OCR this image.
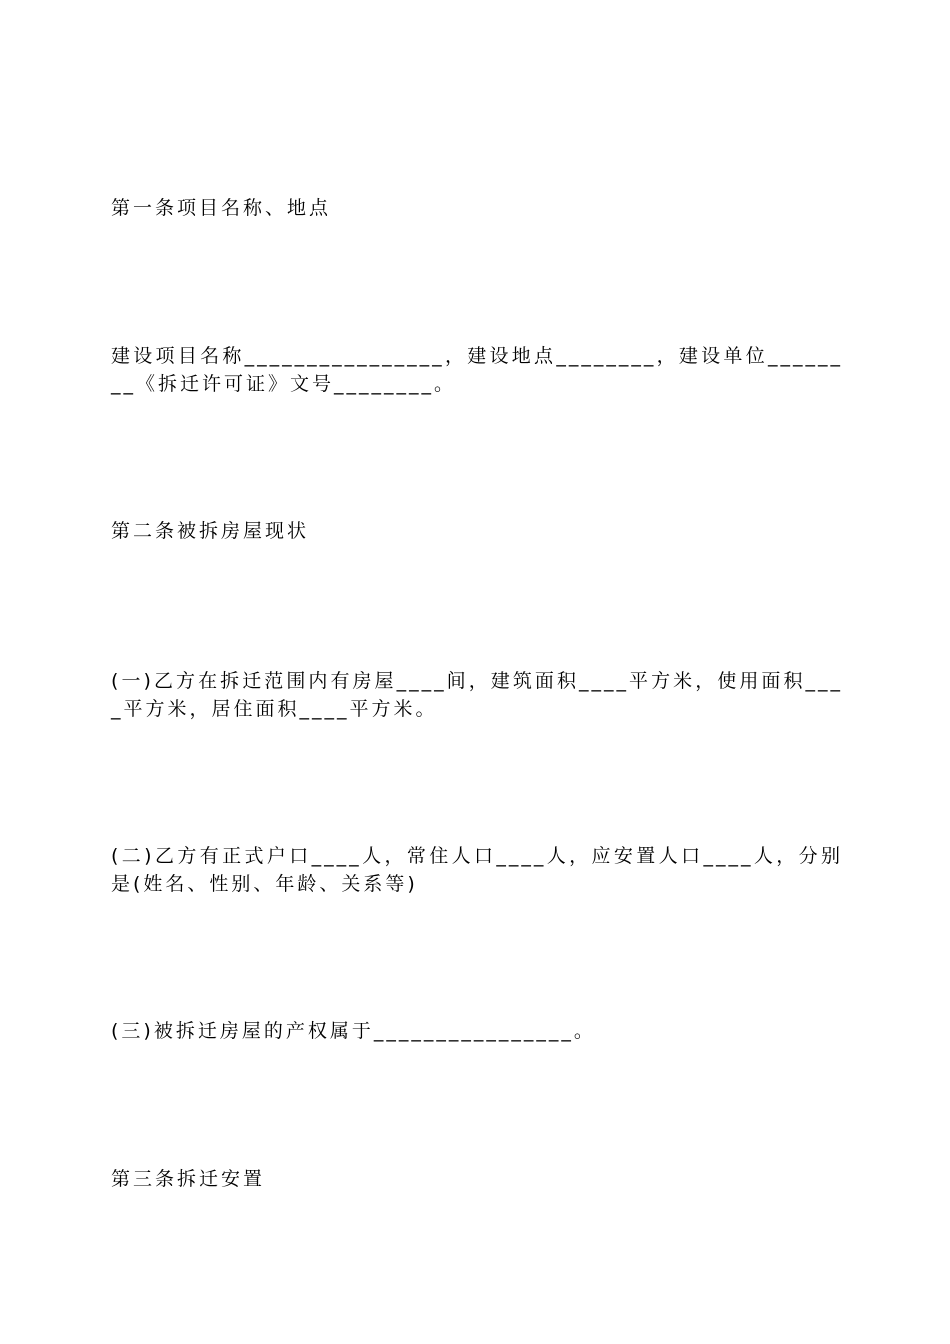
第一条项目名称、地点
建设项目名称________________，建设地点________，建设单位________《拆迁许可证》文号________。
第二条被拆房屋现状
(一)乙方在拆迁范围内有房屋____间，建筑面积____平方米，使用面积____平方米，居住面积____平方米。
(二)乙方有正式户口____人，常住人口____人，应安置人口____人，分别是(姓名、性别、年龄、关系等)
(三)被拆迁房屋的产权属于________________。
第三条拆迁安置
